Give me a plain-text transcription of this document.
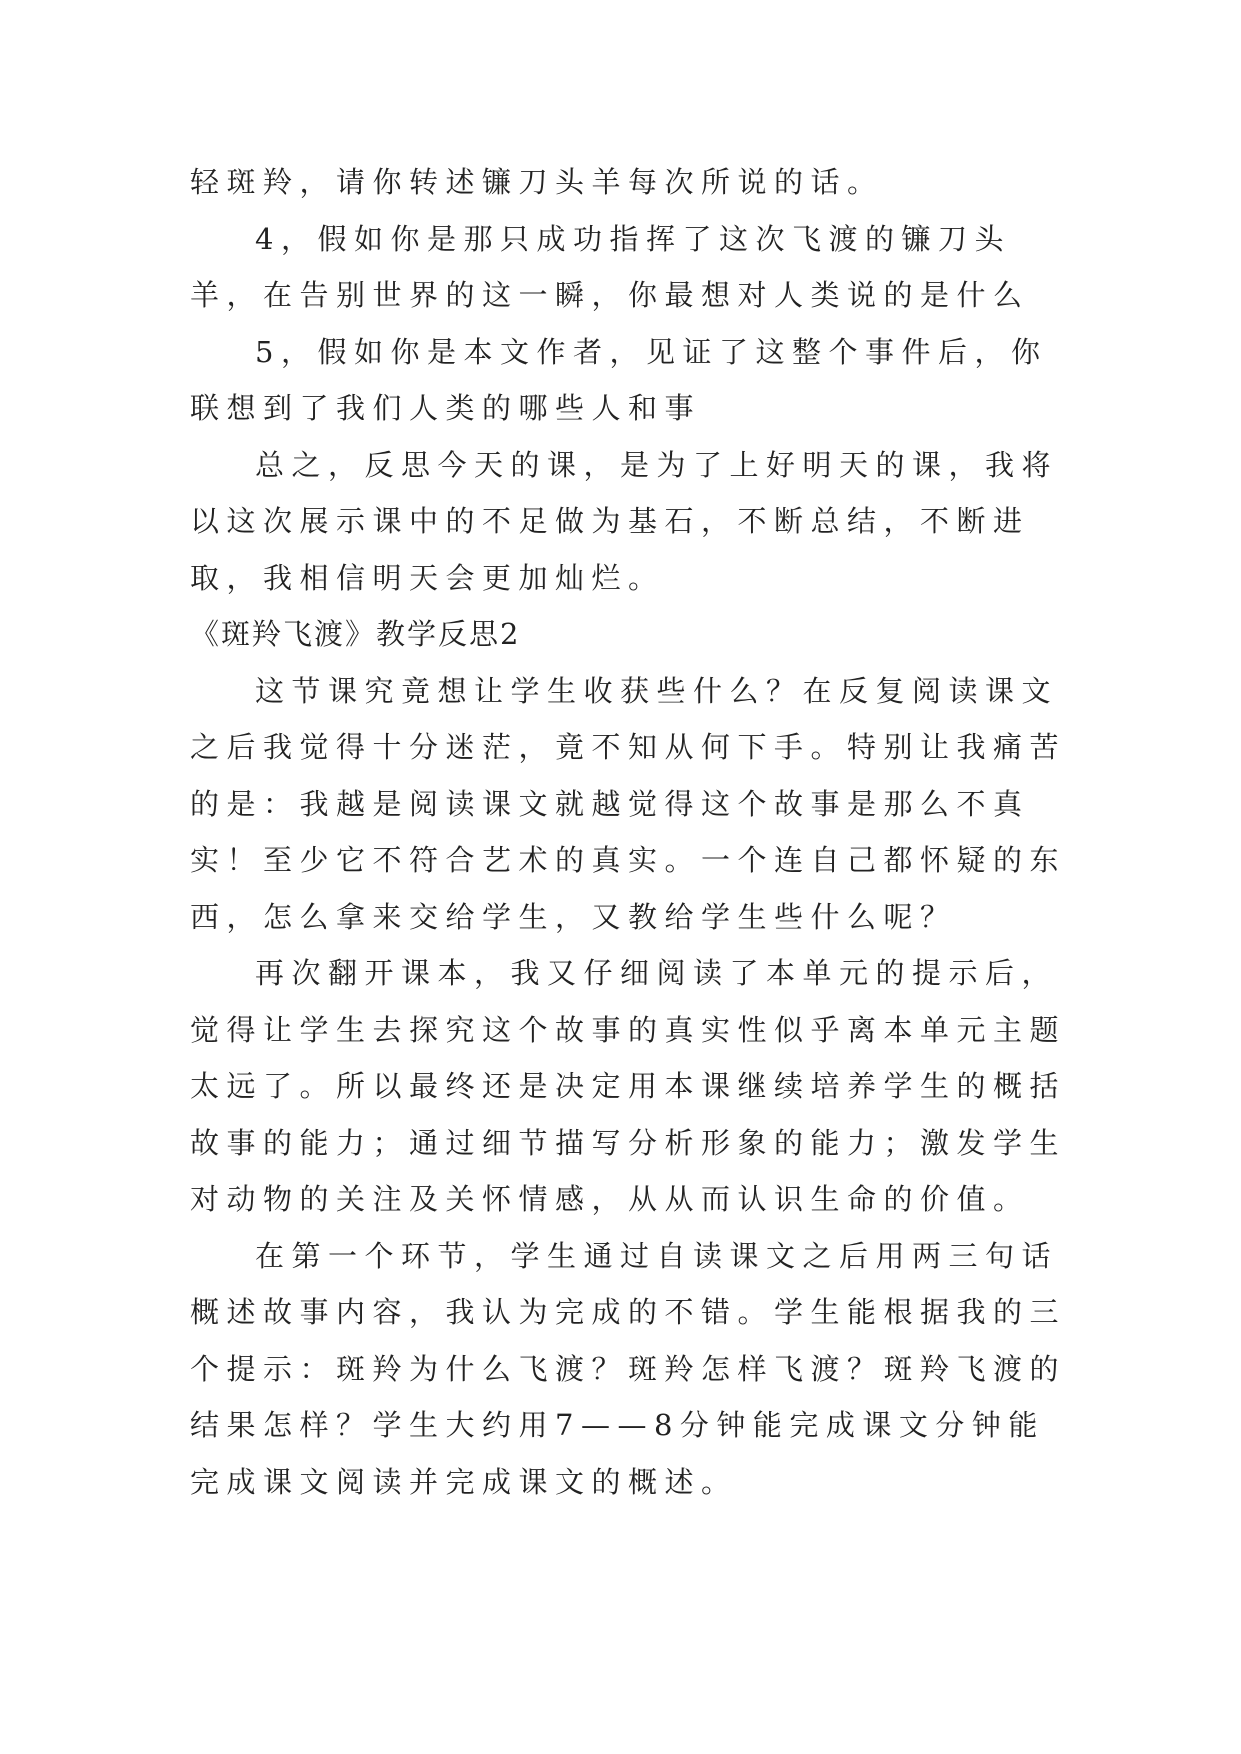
轻斑羚，请你转述镰刀头羊每次所说的话。

4，假如你是那只成功指挥了这次飞渡的镰刀头羊，在告别世界的这一瞬，你最想对人类说的是什么

5，假如你是本文作者，见证了这整个事件后，你联想到了我们人类的哪些人和事

总之，反思今天的课，是为了上好明天的课，我将以这次展示课中的不足做为基石，不断总结，不断进取，我相信明天会更加灿烂。

《斑羚飞渡》教学反思2

这节课究竟想让学生收获些什么？在反复阅读课文之后我觉得十分迷茫，竟不知从何下手。特别让我痛苦的是：我越是阅读课文就越觉得这个故事是那么不真实！至少它不符合艺术的真实。一个连自己都怀疑的东西，怎么拿来交给学生，又教给学生些什么呢？

再次翻开课本，我又仔细阅读了本单元的提示后，觉得让学生去探究这个故事的真实性似乎离本单元主题太远了。所以最终还是决定用本课继续培养学生的概括故事的能力；通过细节描写分析形象的能力；激发学生对动物的关注及关怀情感，从从而认识生命的价值。

在第一个环节，学生通过自读课文之后用两三句话概述故事内容，我认为完成的不错。学生能根据我的三个提示：斑羚为什么飞渡？斑羚怎样飞渡？斑羚飞渡的结果怎样？学生大约用7——8分钟能完成课文分钟能完成课文阅读并完成课文的概述。
